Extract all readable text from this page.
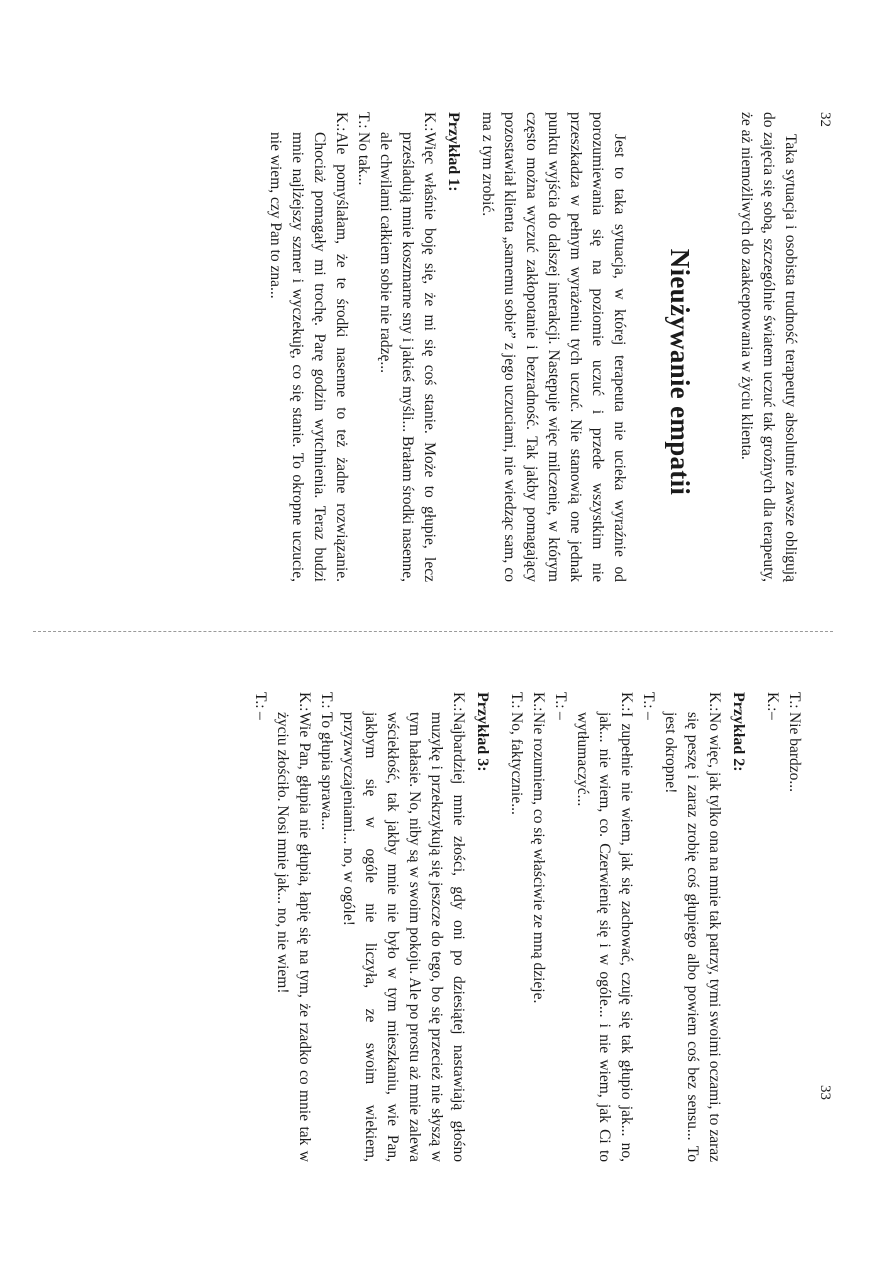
32

Taka sytuacja i osobista trudność terapeuty absolutnie zawsze obligują do zajęcia się sobą, szczególnie światem uczuć tak groźnych dla terapeuty, że aż niemożliwych do zaakceptowania w życiu klienta.

Nieużywanie empatii

Jest to taka sytuacja, w której terapeuta nie ucieka wyraźnie od porozumiewania się na poziomie uczuć i przede wszystkim nie przeszkadza w pełnym wyrażeniu tych uczuć. Nie stanowią one jednak punktu wyjścia do dalszej interakcji. Następuje więc milczenie, w którym często można wyczuć zakłopotanie i bezradność. Tak jakby pomagający pozostawiał klienta „samemu sobie” z jego uczuciami, nie wiedząc sam, co ma z tym zrobić.

Przykład 1:
K.:
Więc właśnie boję się, że mi się coś stanie. Może to głupie, lecz prześladują mnie koszmarne sny i jakieś myśli... Brałam środki nasenne, ale chwilami całkiem sobie nie radzę...
T.:
No tak...
K.:
Ale pomyślałam, że te środki nasenne to też żadne rozwiązanie. Chociaż pomagały mi trochę. Parę godzin wytchnienia. Teraz budzi mnie najlżejszy szmer i wyczekuję, co się stanie. To okropne uczucie, nie wiem, czy Pan to zna...
33
T.:
Nie bardzo...
K.:
–
Przykład 2:
K.:
No więc, jak tylko ona na mnie tak patrzy, tymi swoimi oczami, to zaraz się peszę i zaraz zrobię coś głupiego albo powiem coś bez sensu... To jest okropne!
T.:
–
K.:
I zupełnie nie wiem, jak się zachować, czuję się tak głupio jak... no, jak... nie wiem, co. Czerwienię się i w ogóle... i nie wiem, jak Ci to wytłumaczyć...
T.:
–
K.:
Nie rozumiem, co się właściwie ze mną dzieje.
T.:
No, faktycznie...
Przykład 3:
K.:
Najbardziej mnie złości, gdy oni po dziesiątej nastawiają głośno muzykę i przekrzykują się jeszcze do tego, bo się przecież nie słyszą w tym hałasie. No, niby są w swoim pokoju. Ale po prostu aż mnie zalewa wściekłość, tak jakby mnie nie było w tym mieszkaniu, wie Pan, jakbym się w ogóle nie liczyła, ze swoim wiekiem, przyzwyczajeniami... no, w ogóle!
T.:
To głupia sprawa...
K.:
Wie Pan, głupia nie głupia, łapię się na tym, że rzadko co mnie tak w życiu złościło. Nosi mnie jak... no, nie wiem!
T.:
–
